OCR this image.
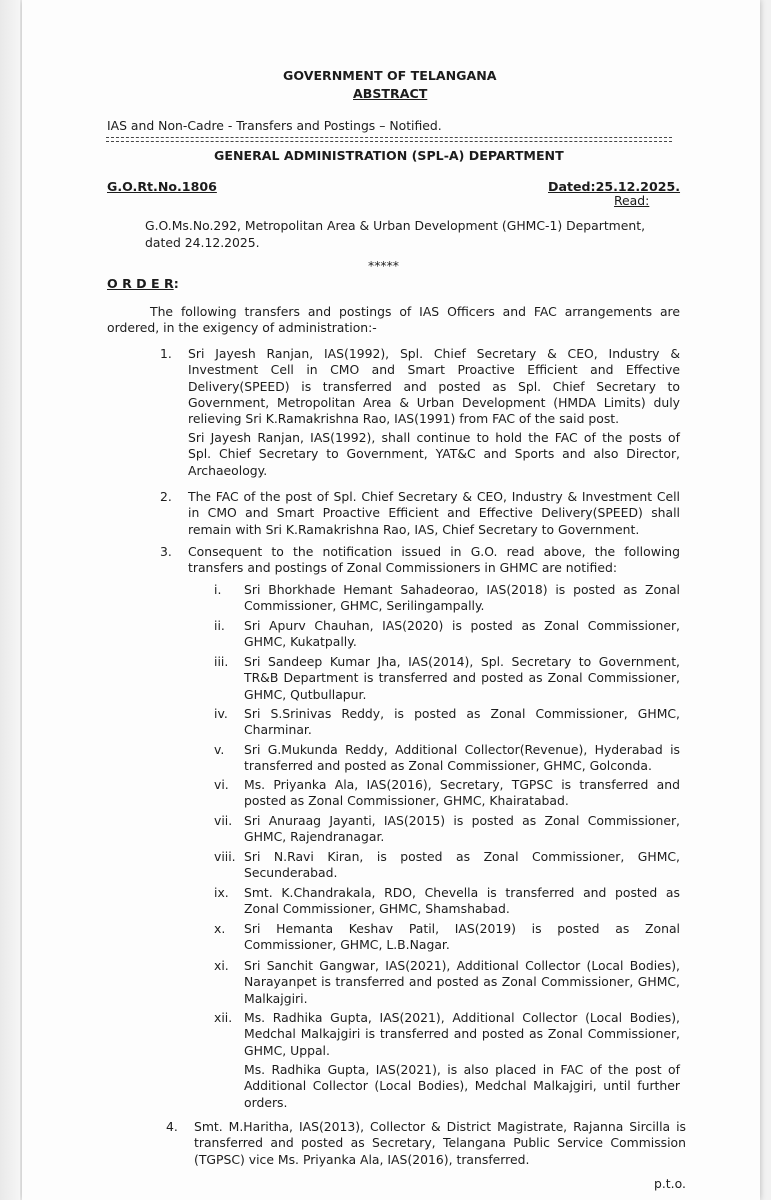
GOVERNMENT OF TELANGANA
ABSTRACT
IAS and Non-Cadre - Transfers and Postings – Notified.
GENERAL ADMINISTRATION (SPL-A) DEPARTMENT
G.O.Rt.No.1806	Dated:25.12.2025.
Read:
G.O.Ms.No.292, Metropolitan Area & Urban Development (GHMC-1) Department,
dated 24.12.2025.
*****
O R D E R:
The following transfers and postings of IAS Officers and FAC arrangements are
ordered, in the exigency of administration:-
1. Sri Jayesh Ranjan, IAS(1992), Spl. Chief Secretary & CEO, Industry &
Investment Cell in CMO and Smart Proactive Efficient and Effective
Delivery(SPEED) is transferred and posted as Spl. Chief Secretary to
Government, Metropolitan Area & Urban Development (HMDA Limits) duly
relieving Sri K.Ramakrishna Rao, IAS(1991) from FAC of the said post.
Sri Jayesh Ranjan, IAS(1992), shall continue to hold the FAC of the posts of
Spl. Chief Secretary to Government, YAT&C and Sports and also Director,
Archaeology.
2. The FAC of the post of Spl. Chief Secretary & CEO, Industry & Investment Cell
in CMO and Smart Proactive Efficient and Effective Delivery(SPEED) shall
remain with Sri K.Ramakrishna Rao, IAS, Chief Secretary to Government.
3. Consequent to the notification issued in G.O. read above, the following
transfers and postings of Zonal Commissioners in GHMC are notified:
i. Sri Bhorkhade Hemant Sahadeorao, IAS(2018) is posted as Zonal
Commissioner, GHMC, Serilingampally.
ii. Sri Apurv Chauhan, IAS(2020) is posted as Zonal Commissioner,
GHMC, Kukatpally.
iii. Sri Sandeep Kumar Jha, IAS(2014), Spl. Secretary to Government,
TR&B Department is transferred and posted as Zonal Commissioner,
GHMC, Qutbullapur.
iv. Sri S.Srinivas Reddy, is posted as Zonal Commissioner, GHMC,
Charminar.
v. Sri G.Mukunda Reddy, Additional Collector(Revenue), Hyderabad is
transferred and posted as Zonal Commissioner, GHMC, Golconda.
vi. Ms. Priyanka Ala, IAS(2016), Secretary, TGPSC is transferred and
posted as Zonal Commissioner, GHMC, Khairatabad.
vii. Sri Anuraag Jayanti, IAS(2015) is posted as Zonal Commissioner,
GHMC, Rajendranagar.
viii. Sri N.Ravi Kiran, is posted as Zonal Commissioner, GHMC,
Secunderabad.
ix. Smt. K.Chandrakala, RDO, Chevella is transferred and posted as
Zonal Commissioner, GHMC, Shamshabad.
x. Sri Hemanta Keshav Patil, IAS(2019) is posted as Zonal
Commissioner, GHMC, L.B.Nagar.
xi. Sri Sanchit Gangwar, IAS(2021), Additional Collector (Local Bodies),
Narayanpet is transferred and posted as Zonal Commissioner, GHMC,
Malkajgiri.
xii. Ms. Radhika Gupta, IAS(2021), Additional Collector (Local Bodies),
Medchal Malkajgiri is transferred and posted as Zonal Commissioner,
GHMC, Uppal.
Ms. Radhika Gupta, IAS(2021), is also placed in FAC of the post of
Additional Collector (Local Bodies), Medchal Malkajgiri, until further
orders.
4. Smt. M.Haritha, IAS(2013), Collector & District Magistrate, Rajanna Sircilla is
transferred and posted as Secretary, Telangana Public Service Commission
(TGPSC) vice Ms. Priyanka Ala, IAS(2016), transferred.
p.t.o.
